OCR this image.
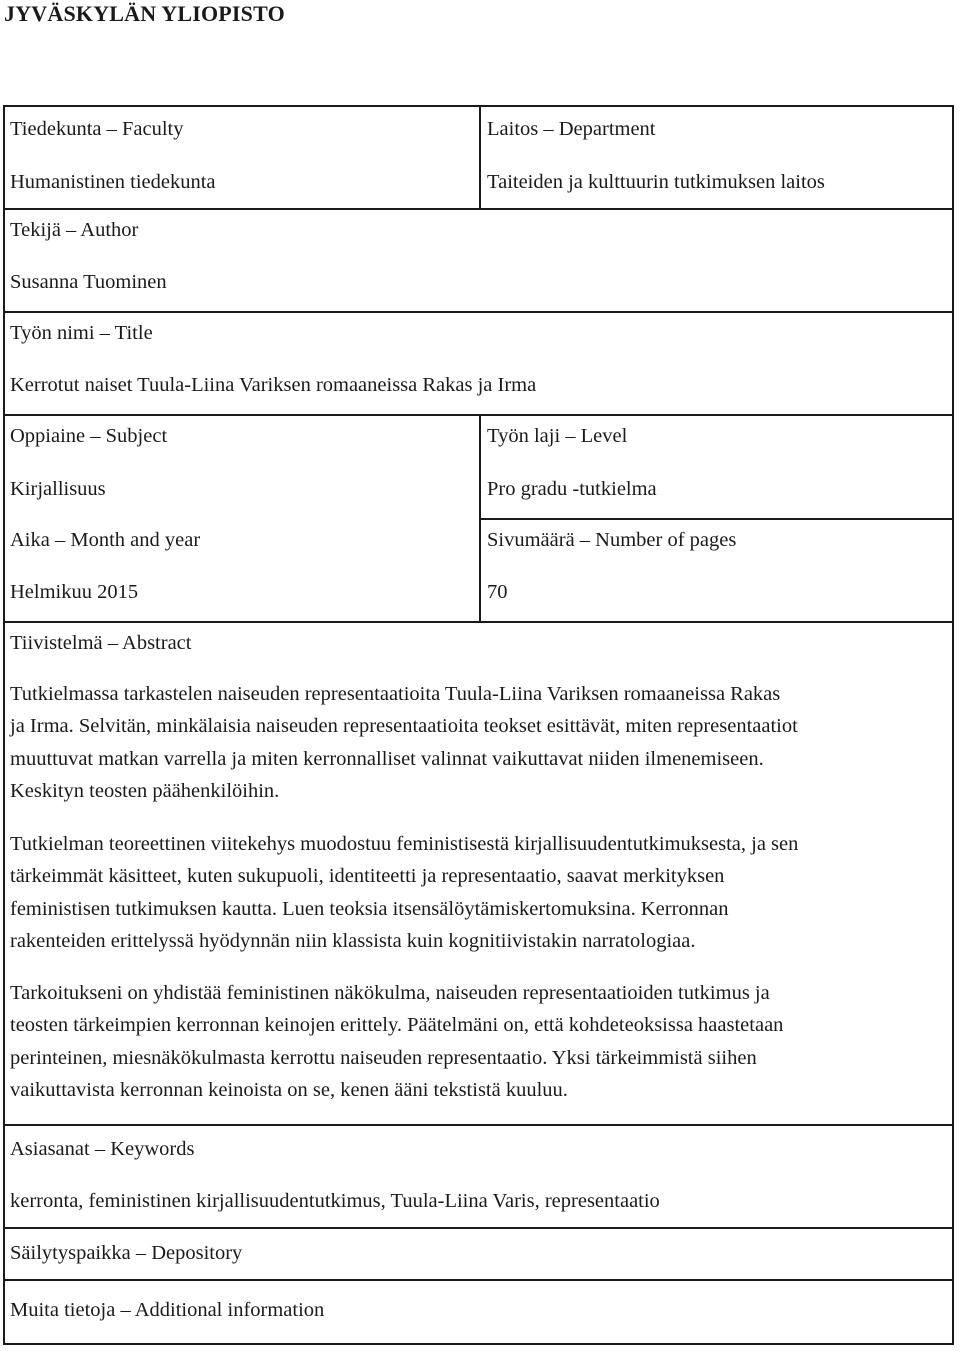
JYVÄSKYLÄN YLIOPISTO
Tiedekunta – Faculty
Humanistinen tiedekunta
Laitos – Department
Taiteiden ja kulttuurin tutkimuksen laitos
Tekijä – Author
Susanna Tuominen
Työn nimi – Title
Kerrotut naiset Tuula-Liina Variksen romaaneissa Rakas ja Irma
Oppiaine – Subject
Kirjallisuus
Työn laji – Level
Pro gradu -tutkielma
Aika – Month and year
Helmikuu 2015
Sivumäärä – Number of pages
70
Tiivistelmä – Abstract
Tutkielmassa tarkastelen naiseuden representaatioita Tuula-Liina Variksen romaaneissa Rakas
ja Irma. Selvitän, minkälaisia naiseuden representaatioita teokset esittävät, miten representaatiot
muuttuvat matkan varrella ja miten kerronnalliset valinnat vaikuttavat niiden ilmenemiseen.
Keskityn teosten päähenkilöihin.
Tutkielman teoreettinen viitekehys muodostuu feministisestä kirjallisuudentutkimuksesta, ja sen
tärkeimmät käsitteet, kuten sukupuoli, identiteetti ja representaatio, saavat merkityksen
feministisen tutkimuksen kautta. Luen teoksia itsensälöytämiskertomuksina. Kerronnan
rakenteiden erittelyssä hyödynnän niin klassista kuin kognitiivistakin narratologiaa.
Tarkoitukseni on yhdistää feministinen näkökulma, naiseuden representaatioiden tutkimus ja
teosten tärkeimpien kerronnan keinojen erittely. Päätelmäni on, että kohdeteoksissa haastetaan
perinteinen, miesnäkökulmasta kerrottu naiseuden representaatio. Yksi tärkeimmistä siihen
vaikuttavista kerronnan keinoista on se, kenen ääni tekstistä kuuluu.
Asiasanat – Keywords
kerronta, feministinen kirjallisuudentutkimus, Tuula-Liina Varis, representaatio
Säilytyspaikka – Depository
Muita tietoja – Additional information
